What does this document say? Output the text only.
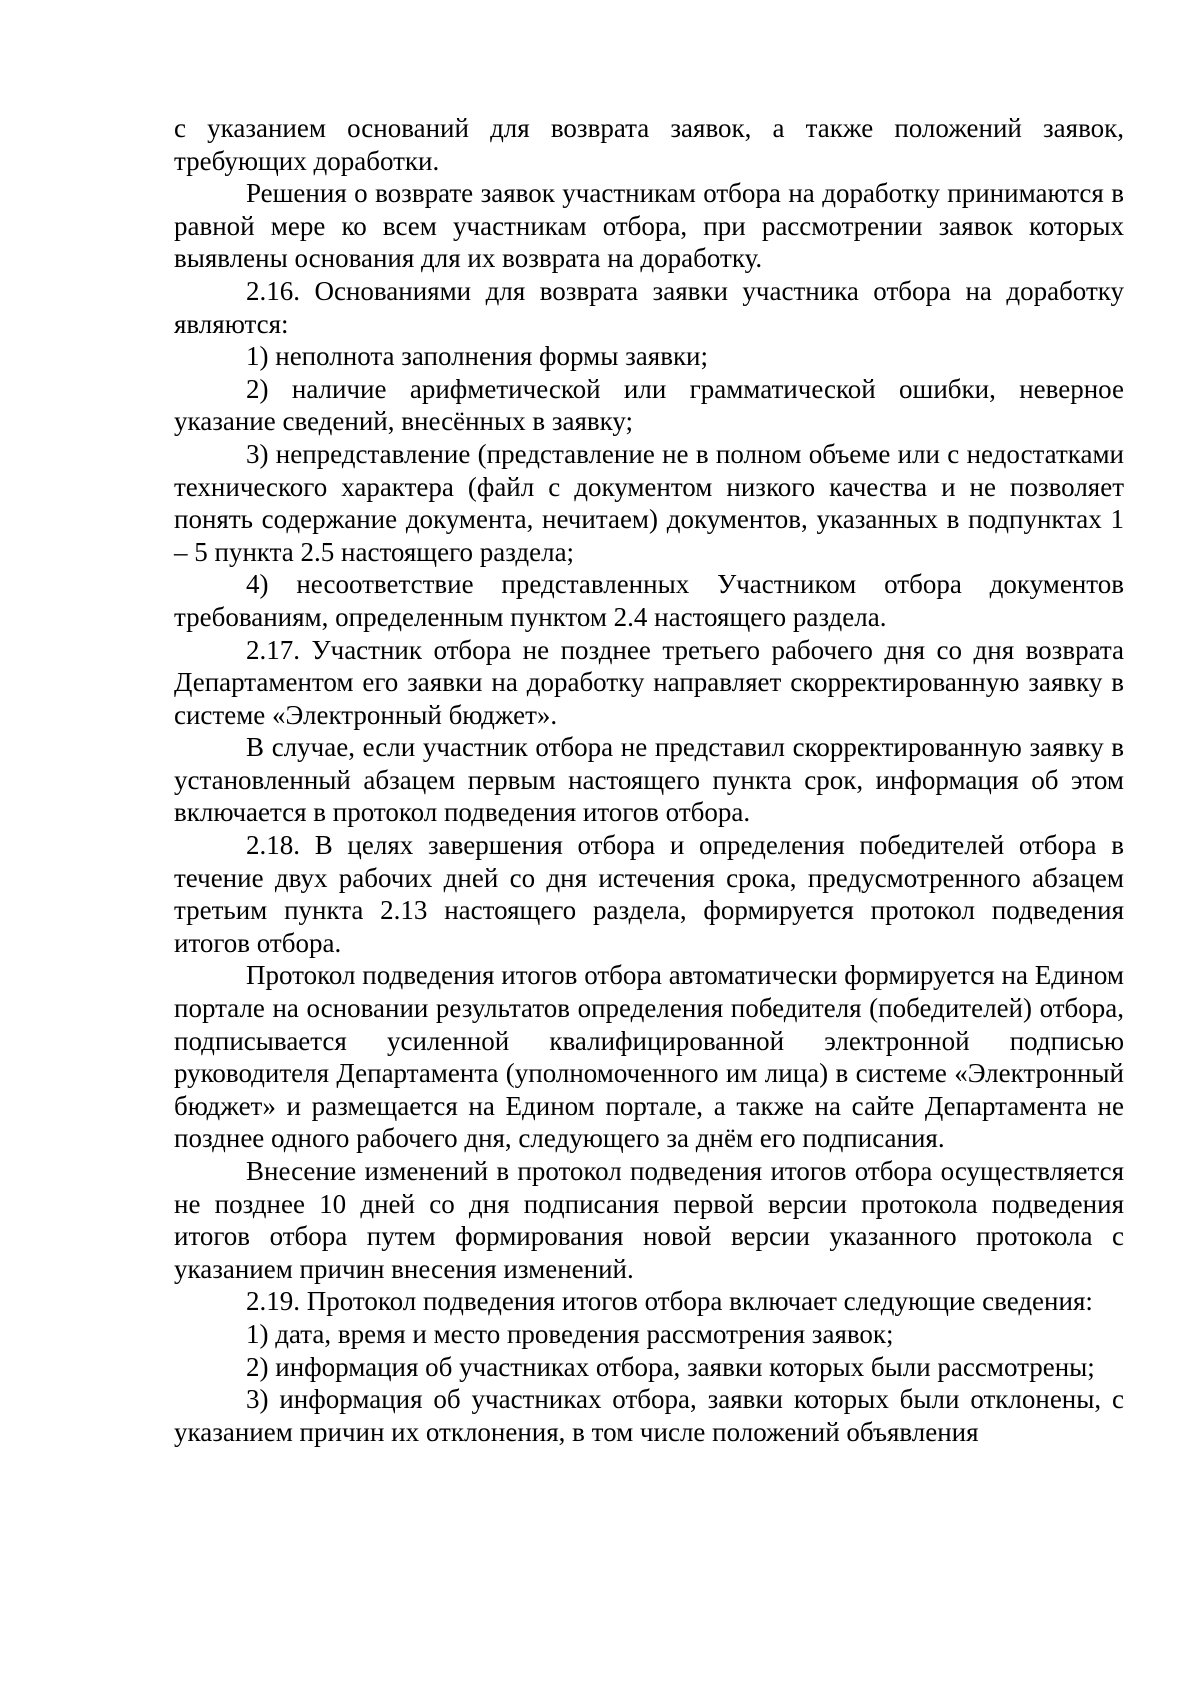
с указанием оснований для возврата заявок, а также положений заявок, требующих доработки.

Решения о возврате заявок участникам отбора на доработку принимаются в равной мере ко всем участникам отбора, при рассмотрении заявок которых выявлены основания для их возврата на доработку.

2.16. Основаниями для возврата заявки участника отбора на доработку являются:

1) неполнота заполнения формы заявки;

2) наличие арифметической или грамматической ошибки, неверное указание сведений, внесённых в заявку;

3) непредставление (представление не в полном объеме или с недостатками технического характера (файл с документом низкого качества и не позволяет понять содержание документа, нечитаем) документов, указанных в подпунктах 1 – 5 пункта 2.5 настоящего раздела;

4) несоответствие представленных Участником отбора документов требованиям, определенным пунктом 2.4 настоящего раздела.

2.17. Участник отбора не позднее третьего рабочего дня со дня возврата Департаментом его заявки на доработку направляет скорректированную заявку в системе «Электронный бюджет».

В случае, если участник отбора не представил скорректированную заявку в установленный абзацем первым настоящего пункта срок, информация об этом включается в протокол подведения итогов отбора.

2.18. В целях завершения отбора и определения победителей отбора в течение двух рабочих дней со дня истечения срока, предусмотренного абзацем третьим пункта 2.13 настоящего раздела, формируется протокол подведения итогов отбора.

Протокол подведения итогов отбора автоматически формируется на Едином портале на основании результатов определения победителя (победителей) отбора, подписывается усиленной квалифицированной электронной подписью руководителя Департамента (уполномоченного им лица) в системе «Электронный бюджет» и размещается на Едином портале, а также на сайте Департамента не позднее одного рабочего дня, следующего за днём его подписания.

Внесение изменений в протокол подведения итогов отбора осуществляется не позднее 10 дней со дня подписания первой версии протокола подведения итогов отбора путем формирования новой версии указанного протокола с указанием причин внесения изменений.

2.19. Протокол подведения итогов отбора включает следующие сведения:

1) дата, время и место проведения рассмотрения заявок;

2) информация об участниках отбора, заявки которых были рассмотрены;

3) информация об участниках отбора, заявки которых были отклонены, с указанием причин их отклонения, в том числе положений объявления
